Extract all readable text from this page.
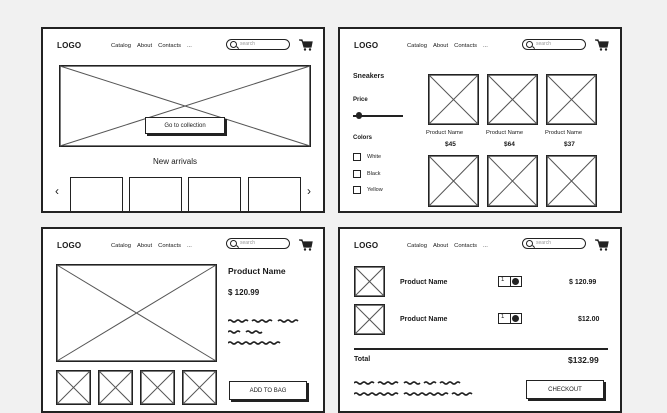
LOGO	Catalog About Contacts ...	search
Go to collection
New arrivals
‹	›
LOGO	Catalog About Contacts ...	search
Sneakers
Price
Colors
White
Black
Yellow
Product Name
$45
Product Name
$64
Product Name
$37
LOGO	Catalog About Contacts ...	search
Product Name
$ 120.99
ADD TO BAG
LOGO	Catalog About Contacts ...	search
Product Name	1	$ 120.99
Product Name	1	$12.00
Total	$132.99
CHECKOUT
